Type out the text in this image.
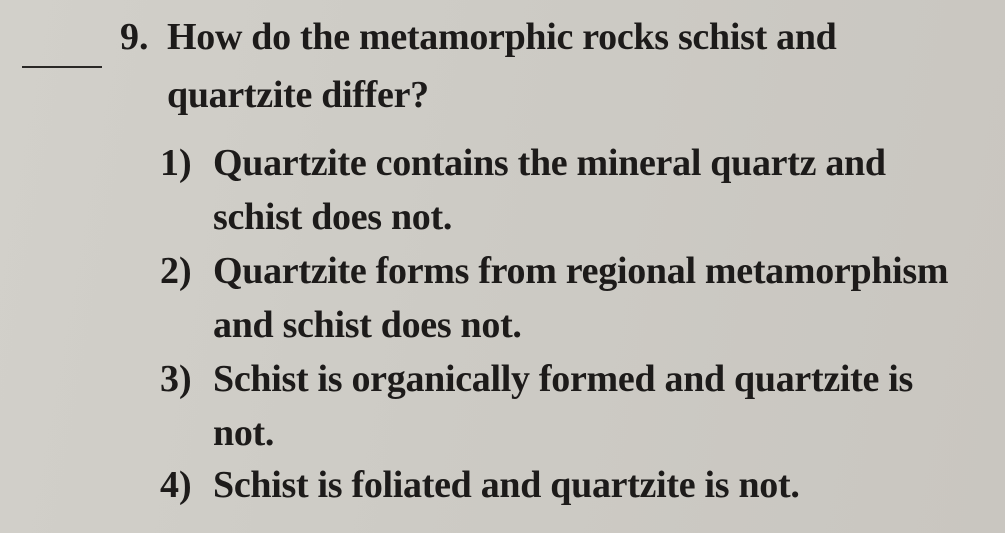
9. How do the metamorphic rocks schist and
quartzite differ?
1) Quartzite contains the mineral quartz and
schist does not.
2) Quartzite forms from regional metamorphism
and schist does not.
3) Schist is organically formed and quartzite is
not.
4) Schist is foliated and quartzite is not.
